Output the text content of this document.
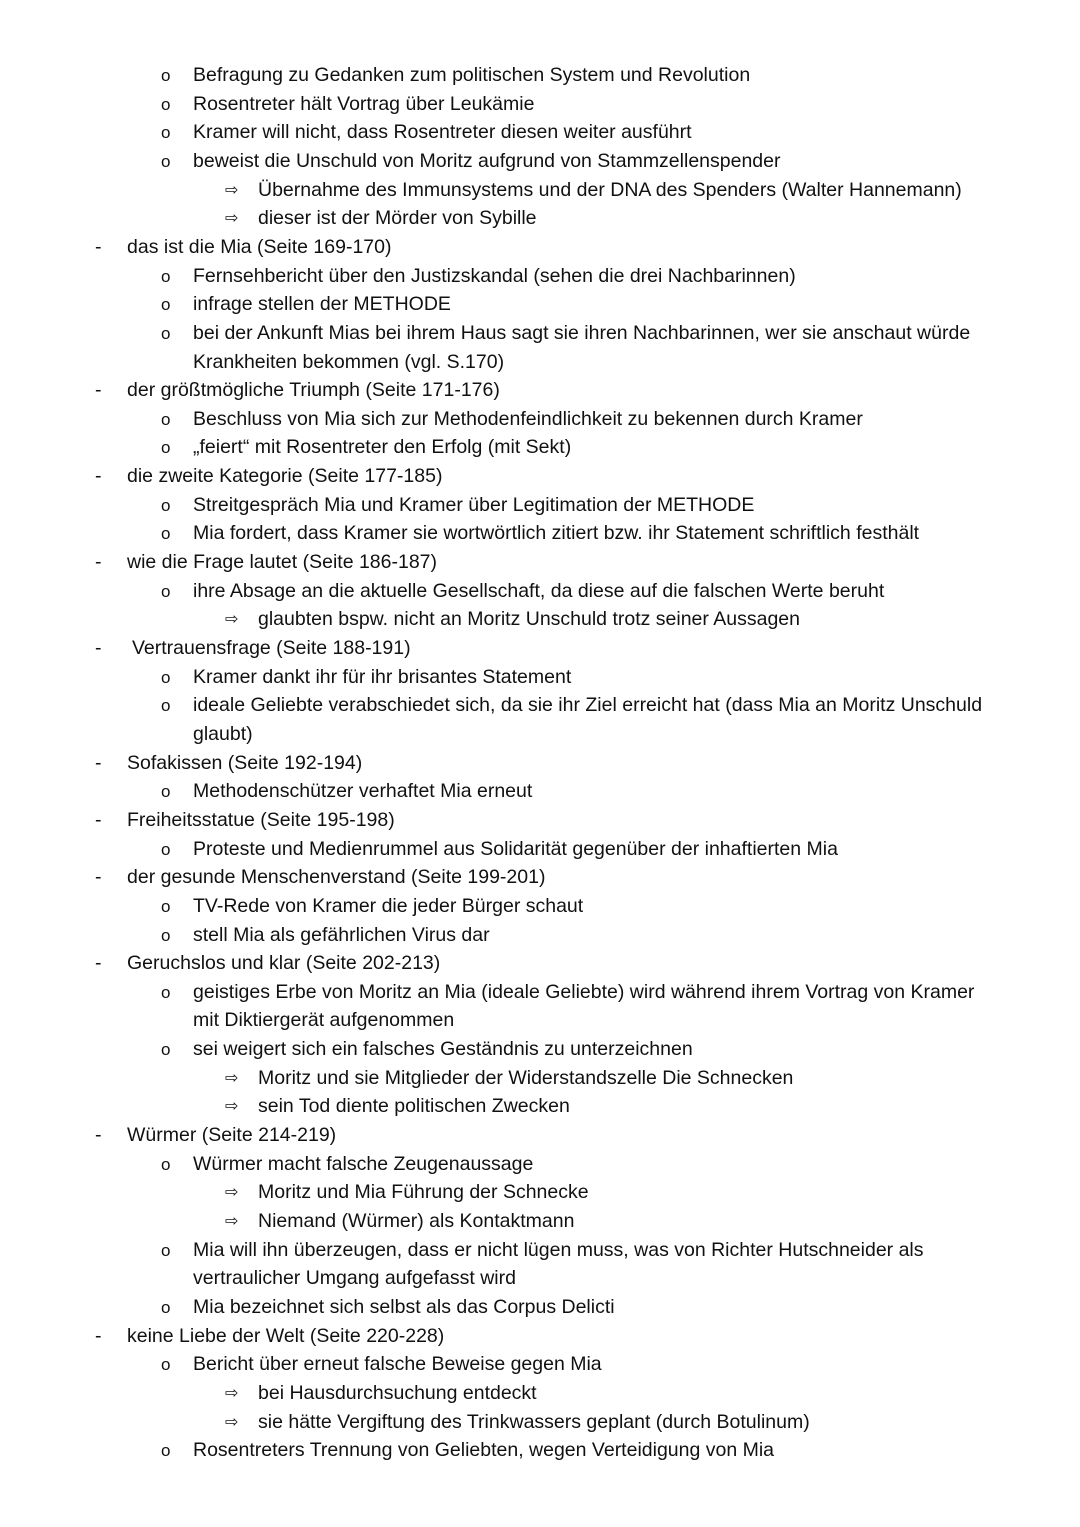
o Befragung zu Gedanken zum politischen System und Revolution
o Rosentreter hält Vortrag über Leukämie
o Kramer will nicht, dass Rosentreter diesen weiter ausführt
o beweist die Unschuld von Moritz aufgrund von Stammzellenspender
⇨ Übernahme des Immunsystems und der DNA des Spenders (Walter Hannemann)
⇨ dieser ist der Mörder von Sybille
- das ist die Mia (Seite 169-170)
o Fernsehbericht über den Justizskandal (sehen die drei Nachbarinnen)
o infrage stellen der METHODE
o bei der Ankunft Mias bei ihrem Haus sagt sie ihren Nachbarinnen, wer sie anschaut würde
Krankheiten bekommen (vgl. S.170)
- der größtmögliche Triumph (Seite 171-176)
o Beschluss von Mia sich zur Methodenfeindlichkeit zu bekennen durch Kramer
o „feiert“ mit Rosentreter den Erfolg (mit Sekt)
- die zweite Kategorie (Seite 177-185)
o Streitgespräch Mia und Kramer über Legitimation der METHODE
o Mia fordert, dass Kramer sie wortwörtlich zitiert bzw. ihr Statement schriftlich festhält
- wie die Frage lautet (Seite 186-187)
o ihre Absage an die aktuelle Gesellschaft, da diese auf die falschen Werte beruht
⇨ glaubten bspw. nicht an Moritz Unschuld trotz seiner Aussagen
- Vertrauensfrage (Seite 188-191)
o Kramer dankt ihr für ihr brisantes Statement
o ideale Geliebte verabschiedet sich, da sie ihr Ziel erreicht hat (dass Mia an Moritz Unschuld
glaubt)
- Sofakissen (Seite 192-194)
o Methodenschützer verhaftet Mia erneut
- Freiheitsstatue (Seite 195-198)
o Proteste und Medienrummel aus Solidarität gegenüber der inhaftierten Mia
- der gesunde Menschenverstand (Seite 199-201)
o TV-Rede von Kramer die jeder Bürger schaut
o stell Mia als gefährlichen Virus dar
- Geruchslos und klar (Seite 202-213)
o geistiges Erbe von Moritz an Mia (ideale Geliebte) wird während ihrem Vortrag von Kramer
mit Diktiergerät aufgenommen
o sei weigert sich ein falsches Geständnis zu unterzeichnen
⇨ Moritz und sie Mitglieder der Widerstandszelle Die Schnecken
⇨ sein Tod diente politischen Zwecken
- Würmer (Seite 214-219)
o Würmer macht falsche Zeugenaussage
⇨ Moritz und Mia Führung der Schnecke
⇨ Niemand (Würmer) als Kontaktmann
o Mia will ihn überzeugen, dass er nicht lügen muss, was von Richter Hutschneider als
vertraulicher Umgang aufgefasst wird
o Mia bezeichnet sich selbst als das Corpus Delicti
- keine Liebe der Welt (Seite 220-228)
o Bericht über erneut falsche Beweise gegen Mia
⇨ bei Hausdurchsuchung entdeckt
⇨ sie hätte Vergiftung des Trinkwassers geplant (durch Botulinum)
o Rosentreters Trennung von Geliebten, wegen Verteidigung von Mia
